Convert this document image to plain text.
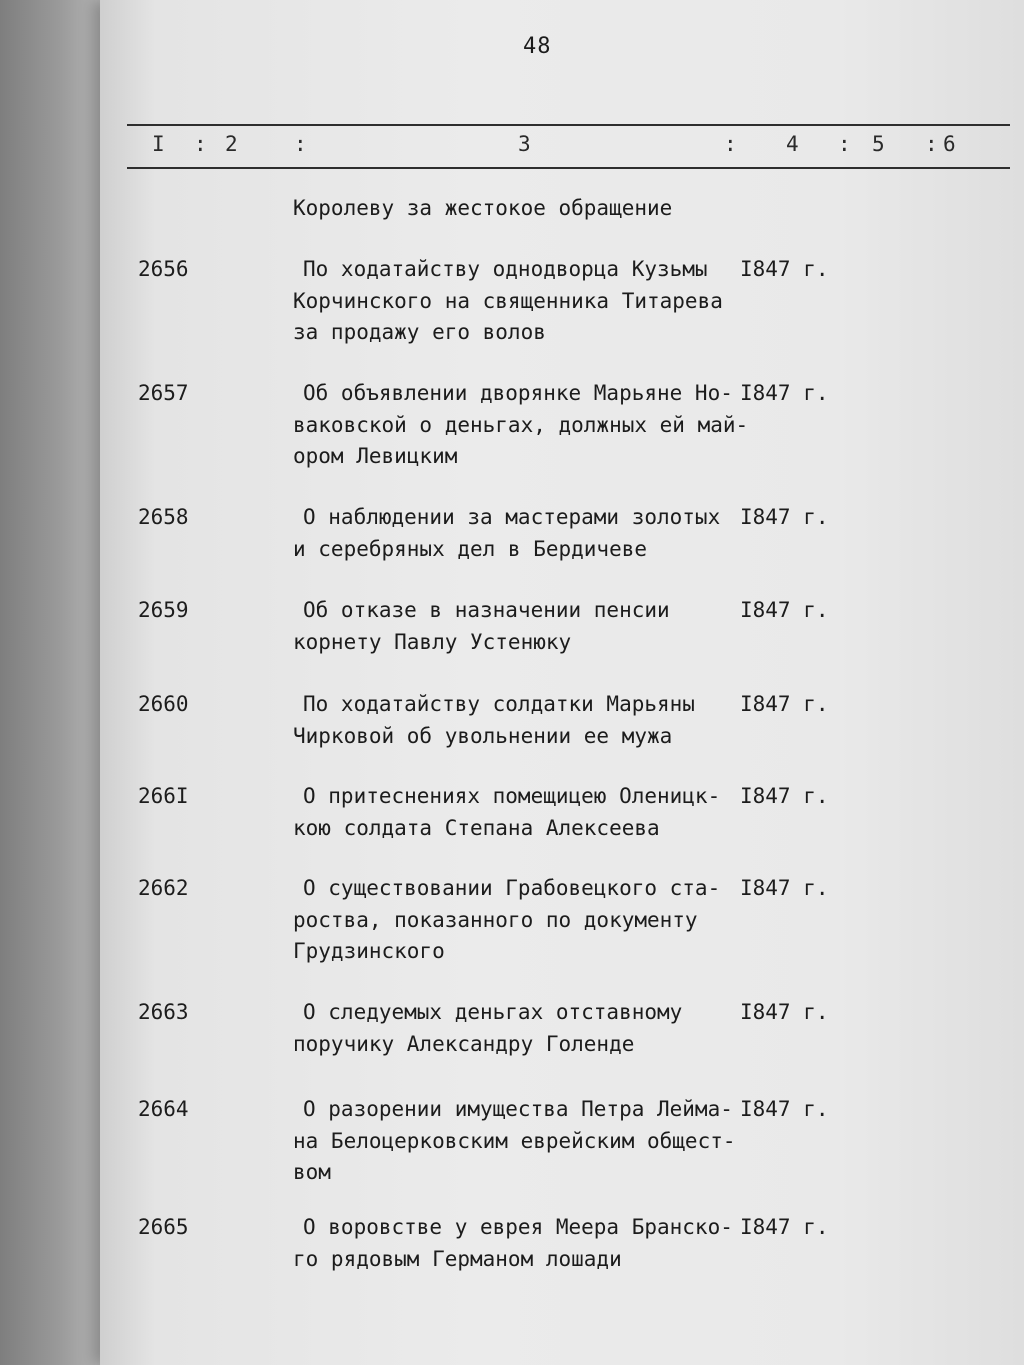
48
I : 2	:	3	: 4 : 5 : 6
Королеву за жестокое обращение
2656	По ходатайству однодворца Кузьмы
Корчинского на священника Титарева
за продажу его волов
I847 г.
2657	Об объявлении дворянке Марьяне Но-
ваковской о деньгах, должных ей май-
ором Левицким
I847 г.
2658	О наблюдении за мастерами золотых
и серебряных дел в Бердичеве
I847 г.
2659	Об отказе в назначении пенсии
корнету Павлу Устенюку
I847 г.
2660	По ходатайству солдатки Марьяны
Чирковой об увольнении ее мужа
I847 г.
266I	О притеснениях помещицею Оленицк-
кою солдата Степана Алексеева
I847 г.
2662	О существовании Грабовецкого ста-
роства, показанного по документу
Грудзинского
I847 г.
2663	О следуемых деньгах отставному
поручику Александру Голенде
I847 г.
2664	О разорении имущества Петра Лейма-
на Белоцерковским еврейским общест-
вом
I847 г.
2665	О воровстве у еврея Меера Бранско-
го рядовым Германом лошади
I847 г.
